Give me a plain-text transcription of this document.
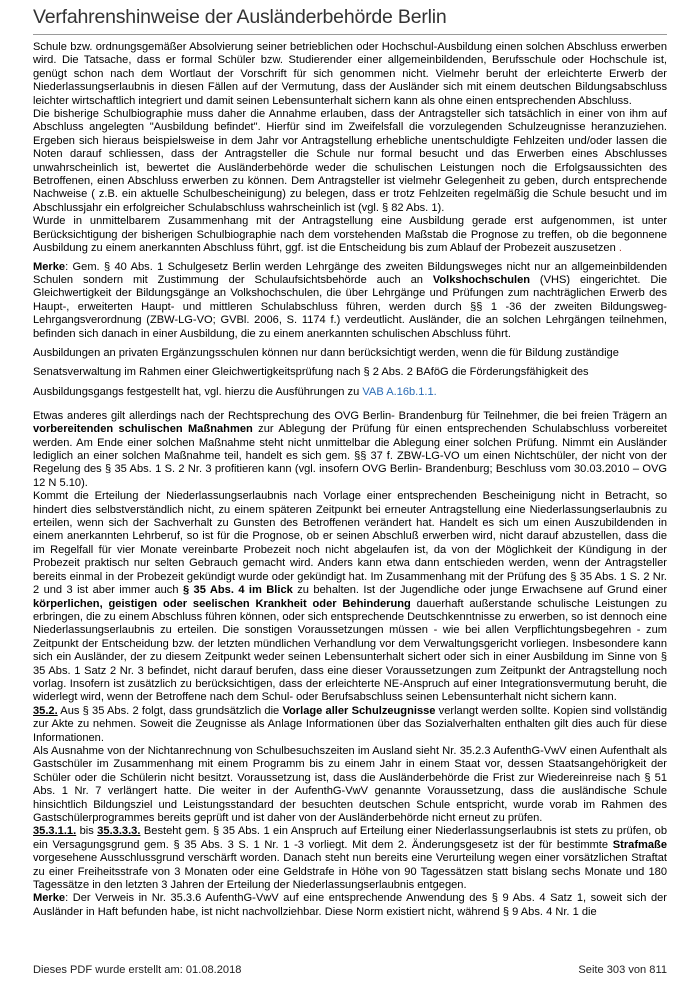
Verfahrenshinweise der Ausländerbehörde Berlin

Schule bzw. ordnungsgemäßer Absolvierung seiner betrieblichen oder Hochschul-Ausbildung einen solchen Abschluss erwerben wird. Die Tatsache, dass er formal Schüler bzw. Studierender einer allgemeinbildenden, Berufsschule oder Hochschule ist, genügt schon nach dem Wortlaut der Vorschrift für sich genommen nicht. Vielmehr beruht der erleichterte Erwerb der Niederlassungserlaubnis in diesen Fällen auf der Vermutung, dass der Ausländer sich mit einem deutschen Bildungsabschluss leichter wirtschaftlich integriert und damit seinen Lebensunterhalt sichern kann als ohne einen entsprechenden Abschluss.

Die bisherige Schulbiographie muss daher die Annahme erlauben, dass der Antragsteller sich tatsächlich in einer von ihm auf Abschluss angelegten "Ausbildung befindet". Hierfür sind im Zweifelsfall die vorzulegenden Schulzeugnisse heranzuziehen. Ergeben sich hieraus beispielsweise in dem Jahr vor Antragstellung erhebliche unentschuldigte Fehlzeiten und/oder lassen die Noten darauf schliessen, dass der Antragsteller die Schule nur formal besucht und das Erwerben eines Abschlusses unwahrscheinlich ist, bewertet die Ausländerbehörde weder die schulischen Leistungen noch die Erfolgsaussichten des Betroffenen, einen Abschluss erwerben zu können. Dem Antragsteller ist vielmehr Gelegenheit zu geben, durch entsprechende Nachweise ( z.B. ein aktuelle Schulbescheinigung) zu belegen, dass er trotz Fehlzeiten regelmäßig die Schule besucht und im Abschlussjahr ein erfolgreicher Schulabschluss wahrscheinlich ist (vgl. § 82 Abs. 1).

Wurde in unmittelbarem Zusammenhang mit der Antragstellung eine Ausbildung gerade erst aufgenommen, ist unter Berücksichtigung der bisherigen Schulbiographie nach dem vorstehenden Maßstab die Prognose zu treffen, ob die begonnene Ausbildung zu einem anerkannten Abschluss führt, ggf. ist die Entscheidung bis zum Ablauf der Probezeit auszusetzen .

Merke: Gem. § 40 Abs. 1 Schulgesetz Berlin werden Lehrgänge des zweiten Bildungsweges nicht nur an allgemeinbildenden Schulen sondern mit Zustimmung der Schulaufsichtsbehörde auch an Volkshochschulen (VHS) eingerichtet. Die Gleichwertigkeit der Bildungsgänge an Volkshochschulen, die über Lehrgänge und Prüfungen zum nachträglichen Erwerb des Haupt-, erweiterten Haupt- und mittleren Schulabschluss führen, werden durch §§ 1 -36 der zweiten Bildungsweg- Lehrgangsverordnung (ZBW-LG-VO; GVBl. 2006, S. 1174 f.) verdeutlicht. Ausländer, die an solchen Lehrgängen teilnehmen, befinden sich danach in einer Ausbildung, die zu einem anerkannten schulischen Abschluss führt.

Ausbildungen an privaten Ergänzungsschulen können nur dann berücksichtigt werden, wenn die für Bildung zuständige Senatsverwaltung im Rahmen einer Gleichwertigkeitsprüfung nach § 2 Abs. 2 BAföG die Förderungsfähigkeit des Ausbildungsgangs festgestellt hat, vgl. hierzu die Ausführungen zu VAB A.16b.1.1.

Etwas anderes gilt allerdings nach der Rechtsprechung des OVG Berlin- Brandenburg für Teilnehmer, die bei freien Trägern an vorbereitenden schulischen Maßnahmen zur Ablegung der Prüfung für einen entsprechenden Schulabschluss vorbereitet werden. Am Ende einer solchen Maßnahme steht nicht unmittelbar die Ablegung einer solchen Prüfung. Nimmt ein Ausländer lediglich an einer solchen Maßnahme teil, handelt es sich gem. §§ 37 f. ZBW-LG-VO um einen Nichtschüler, der nicht von der Regelung des § 35 Abs. 1 S. 2 Nr. 3 profitieren kann (vgl. insofern OVG Berlin- Brandenburg; Beschluss vom 30.03.2010 – OVG 12 N 5.10).

Kommt die Erteilung der Niederlassungserlaubnis nach Vorlage einer entsprechenden Bescheinigung nicht in Betracht, so hindert dies selbstverständlich nicht, zu einem späteren Zeitpunkt bei erneuter Antragstellung eine Niederlassungserlaubnis zu erteilen, wenn sich der Sachverhalt zu Gunsten des Betroffenen verändert hat. Handelt es sich um einen Auszubildenden in einem anerkannten Lehrberuf, so ist für die Prognose, ob er seinen Abschluß erwerben wird, nicht darauf abzustellen, dass die im Regelfall für vier Monate vereinbarte Probezeit noch nicht abgelaufen ist, da von der Möglichkeit der Kündigung in der Probezeit praktisch nur selten Gebrauch gemacht wird. Anders kann etwa dann entschieden werden, wenn der Antragsteller bereits einmal in der Probezeit gekündigt wurde oder gekündigt hat. Im Zusammenhang mit der Prüfung des § 35 Abs. 1 S. 2 Nr. 2 und 3 ist aber immer auch § 35 Abs. 4 im Blick zu behalten. Ist der Jugendliche oder junge Erwachsene auf Grund einer körperlichen, geistigen oder seelischen Krankheit oder Behinderung dauerhaft außerstande schulische Leistungen zu erbringen, die zu einem Abschluss führen können, oder sich entsprechende Deutschkenntnisse zu erwerben, so ist dennoch eine Niederlassungserlaubnis zu erteilen. Die sonstigen Voraussetzungen müssen - wie bei allen Verpflichtungsbegehren - zum Zeitpunkt der Entscheidung bzw. der letzten mündlichen Verhandlung vor dem Verwaltungsgericht vorliegen. Insbesondere kann sich ein Ausländer, der zu diesem Zeitpunkt weder seinen Lebensunterhalt sichert oder sich in einer Ausbildung im Sinne von § 35 Abs. 1 Satz 2 Nr. 3 befindet, nicht darauf berufen, dass eine dieser Voraussetzungen zum Zeitpunkt der Antragstellung noch vorlag. Insofern ist zusätzlich zu berücksichtigen, dass der erleichterte NE-Anspruch auf einer Integrationsvermutung beruht, die widerlegt wird, wenn der Betroffene nach dem Schul- oder Berufsabschluss seinen Lebensunterhalt nicht sichern kann.

35.2. Aus § 35 Abs. 2 folgt, dass grundsätzlich die Vorlage aller Schulzeugnisse verlangt werden sollte. Kopien sind vollständig zur Akte zu nehmen. Soweit die Zeugnisse als Anlage Informationen über das Sozialverhalten enthalten gilt dies auch für diese Informationen.

Als Ausnahme von der Nichtanrechnung von Schulbesuchszeiten im Ausland sieht Nr. 35.2.3 AufenthG-VwV einen Aufenthalt als Gastschüler im Zusammenhang mit einem Programm bis zu einem Jahr in einem Staat vor, dessen Staatsangehörigkeit der Schüler oder die Schülerin nicht besitzt. Voraussetzung ist, dass die Ausländerbehörde die Frist zur Wiedereinreise nach § 51 Abs. 1 Nr. 7 verlängert hatte. Die weiter in der AufenthG-VwV genannte Voraussetzung, dass die ausländische Schule hinsichtlich Bildungsziel und Leistungsstandard der besuchten deutschen Schule entspricht, wurde vorab im Rahmen des Gastschülerprogrammes bereits geprüft und ist daher von der Ausländerbehörde nicht erneut zu prüfen.

35.3.1.1. bis 35.3.3.3. Besteht gem. § 35 Abs. 1 ein Anspruch auf Erteilung einer Niederlassungserlaubnis ist stets zu prüfen, ob ein Versagungsgrund gem. § 35 Abs. 3 S. 1 Nr. 1 -3 vorliegt. Mit dem 2. Änderungsgesetz ist der für bestimmte Strafmaße vorgesehene Ausschlussgrund verschärft worden. Danach steht nun bereits eine Verurteilung wegen einer vorsätzlichen Straftat zu einer Freiheitsstrafe von 3 Monaten oder eine Geldstrafe in Höhe von 90 Tagessätzen statt bislang sechs Monate und 180 Tagessätze in den letzten 3 Jahren der Erteilung der Niederlassungserlaubnis entgegen.

Merke: Der Verweis in Nr. 35.3.6 AufenthG-VwV auf eine entsprechende Anwendung des § 9 Abs. 4 Satz 1, soweit sich der Ausländer in Haft befunden habe, ist nicht nachvollziehbar. Diese Norm existiert nicht, während § 9 Abs. 4 Nr. 1 die

Dieses PDF wurde erstellt am: 01.08.2018	Seite 303 von 811
